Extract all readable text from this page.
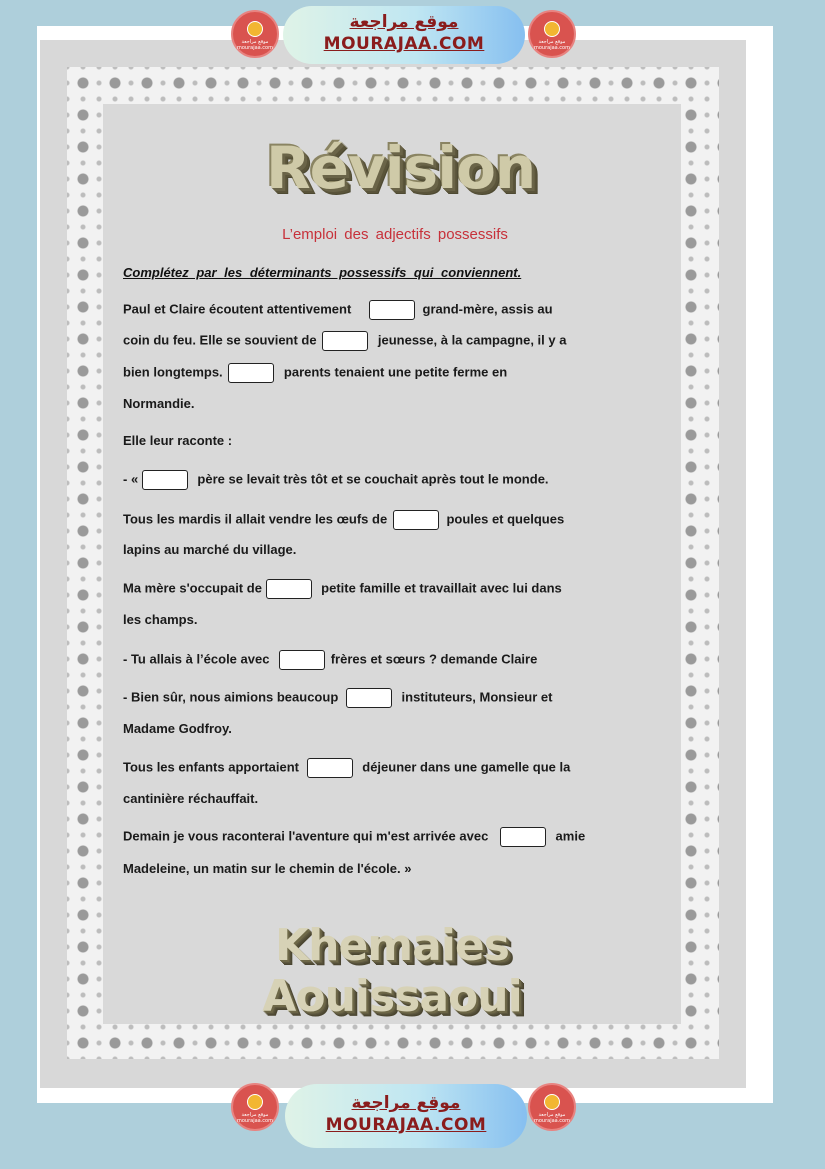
موقع مراجعة
mourajaa.com
موقع مراجعة
MOURAJAA.COM	موقع مراجعة
mourajaa.com
Révision
L’emploi des adjectifs possessifs
Complétez par les déterminants possessifs qui conviennent.
Paul et Claire écoutent attentivement	grand-mère, assis au
coin du feu. Elle se souvient de	jeunesse, à la campagne, il y a
bien longtemps.	parents tenaient une petite ferme en
Normandie.
Elle leur raconte :
- «	père se levait très tôt et se couchait après tout le monde.
Tous les mardis il allait vendre les œufs de	poules et quelques
lapins au marché du village.
Ma mère s'occupait de	petite famille et travaillait avec lui dans
les champs.
- Tu allais à l’école avec	frères et sœurs ? demande Claire
- Bien sûr, nous aimions beaucoup	instituteurs, Monsieur et
Madame Godfroy.
Tous les enfants apportaient	déjeuner dans une gamelle que la
cantinière réchauffait.
Demain je vous raconterai l'aventure qui m'est arrivée avec	amie
Madeleine, un matin sur le chemin de l'école. »
Khemaies Aouissaoui
موقع مراجعة
mourajaa.com
موقع مراجعة
MOURAJAA.COM	موقع مراجعة
mourajaa.com
